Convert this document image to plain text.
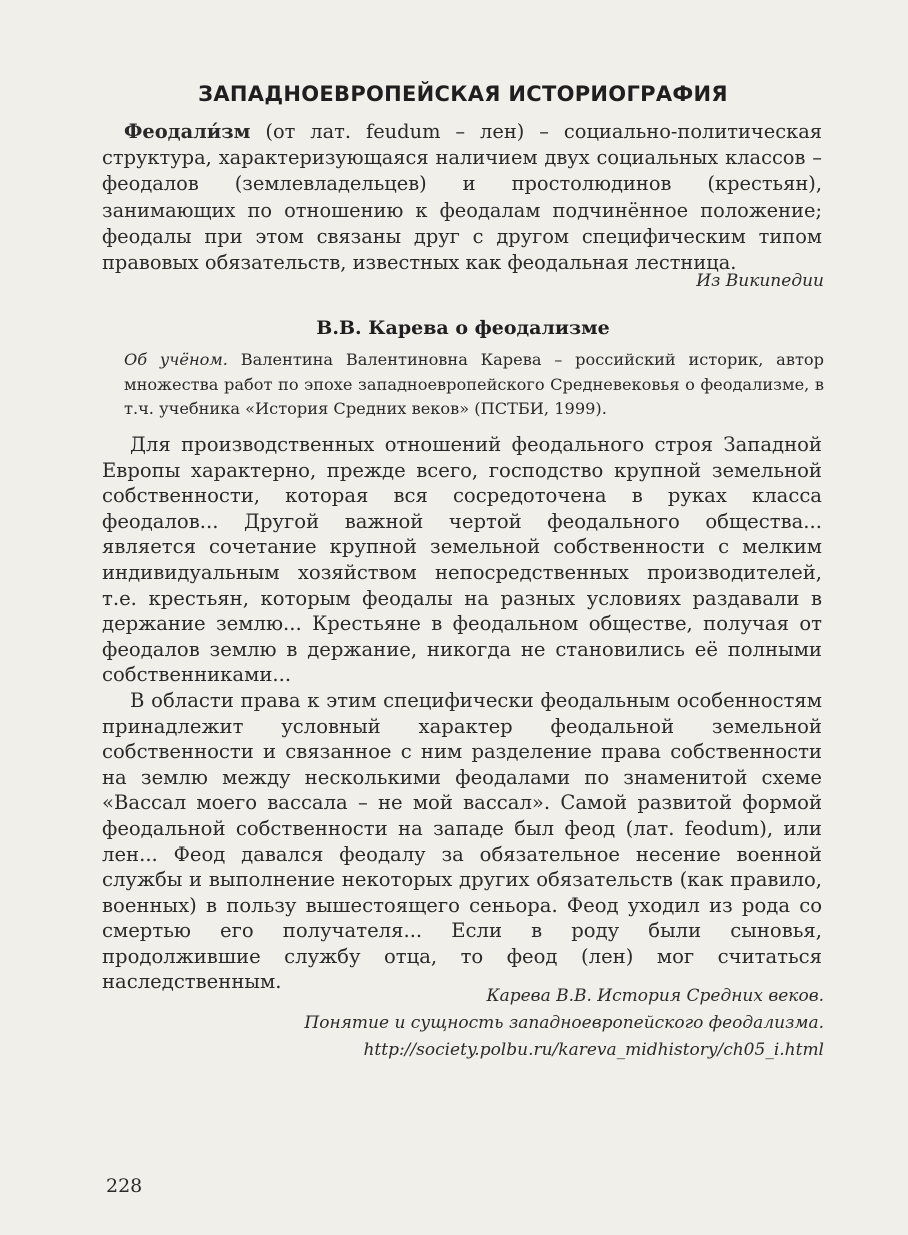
ЗАПАДНОЕВРОПЕЙСКАЯ ИСТОРИОГРАФИЯ

Феодали́зм (от лат. feudum – лен) – социально-политическая структура, характеризующаяся наличием двух социальных классов – феодалов (землевладельцев) и простолюдинов (крестьян), занимающих по отношению к феодалам подчинённое положение; феодалы при этом связаны друг с другом специфическим типом правовых обязательств, известных как феодальная лестница.

Из Википедии

В.В. Карева о феодализме

Об учёном. Валентина Валентиновна Карева – российский историк, автор множества работ по эпохе западноевропейского Средневековья о феодализме, в т.ч. учебника «История Средних веков» (ПСТБИ, 1999).

Для производственных отношений феодального строя Западной Европы характерно, прежде всего, господство крупной земельной собственности, которая вся сосредоточена в руках класса феодалов... Другой важной чертой феодального общества... является сочетание крупной земельной собственности с мелким индивидуальным хозяйством непосредственных производителей, т.е. крестьян, которым феодалы на разных условиях раздавали в держание землю... Крестьяне в феодальном обществе, получая от феодалов землю в держание, никогда не становились её полными собственниками...

В области права к этим специфически феодальным особенностям принадлежит условный характер феодальной земельной собственности и связанное с ним разделение права собственности на землю между несколькими феодалами по знаменитой схеме «Вассал моего вассала – не мой вассал». Самой развитой формой феодальной собственности на западе был феод (лат. feodum), или лен... Феод давался феодалу за обязательное несение военной службы и выполнение некоторых других обязательств (как правило, военных) в пользу вышестоящего сеньора. Феод уходил из рода со смертью его получателя... Если в роду были сыновья, продолжившие службу отца, то феод (лен) мог считаться наследственным.

Карева В.В. История Средних веков.
Понятие и сущность западноевропейского феодализма.
http://society.polbu.ru/kareva_midhistory/ch05_i.html

228
